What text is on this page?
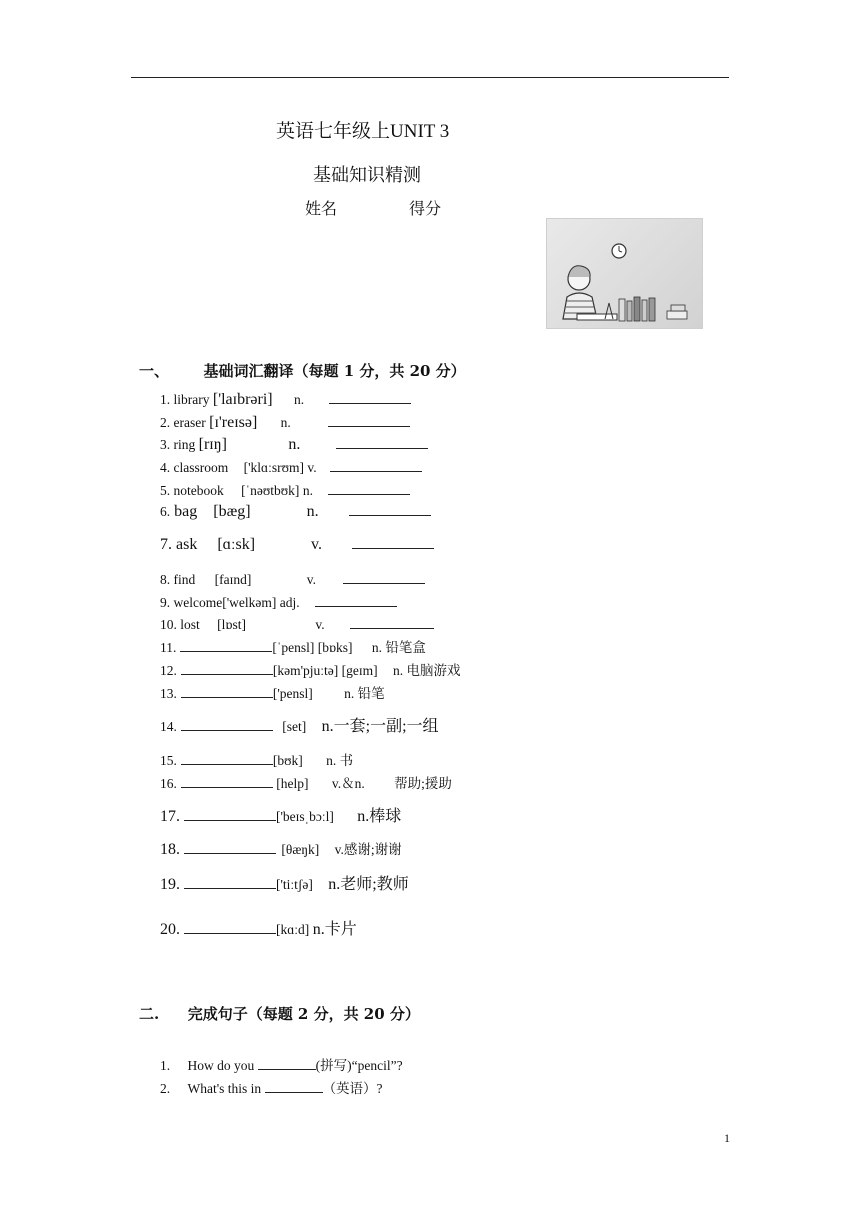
英语七年级上UNIT 3
基础知识精测
姓名	得分
一、 基础词汇翻译（每题 1 分，共 20 分）
1. library ['laɪbrəri] n.
2. eraser [ɪ'reɪsə] n.
3. ring [rɪŋ]	n.
4. classroom ['klɑːsrʊm] v.
5. notebook [ˈnəʊtbʊk] n.
6. bag [bæg]	n.
7. ask [ɑːsk]	v.
8. find [faɪnd]	v.
9. welcome['welkəm] adj.
10. lost [lɒst]	v.
11.	[ˈpensl] [bɒks] n. 铅笔盒
12.	[kəm'pjuːtə] [geɪm] n. 电脑游戏
13.	['pensl] n. 铅笔
14.	[set] n.一套;一副;一组
15.	[bʊk] n. 书
16.	[help] v.＆n. 帮助;援助
17.	['beɪsˌbɔːl] n.棒球
18.	[θæŋk] v.感谢;谢谢
19.	['tiːtʃə] n.老师;教师
20.	[kɑːd] n.卡片
二. 完成句子（每题 2 分，共 20 分）
1. How do you	(拼写)“pencil”?
2. What's this in	（英语）?
1
